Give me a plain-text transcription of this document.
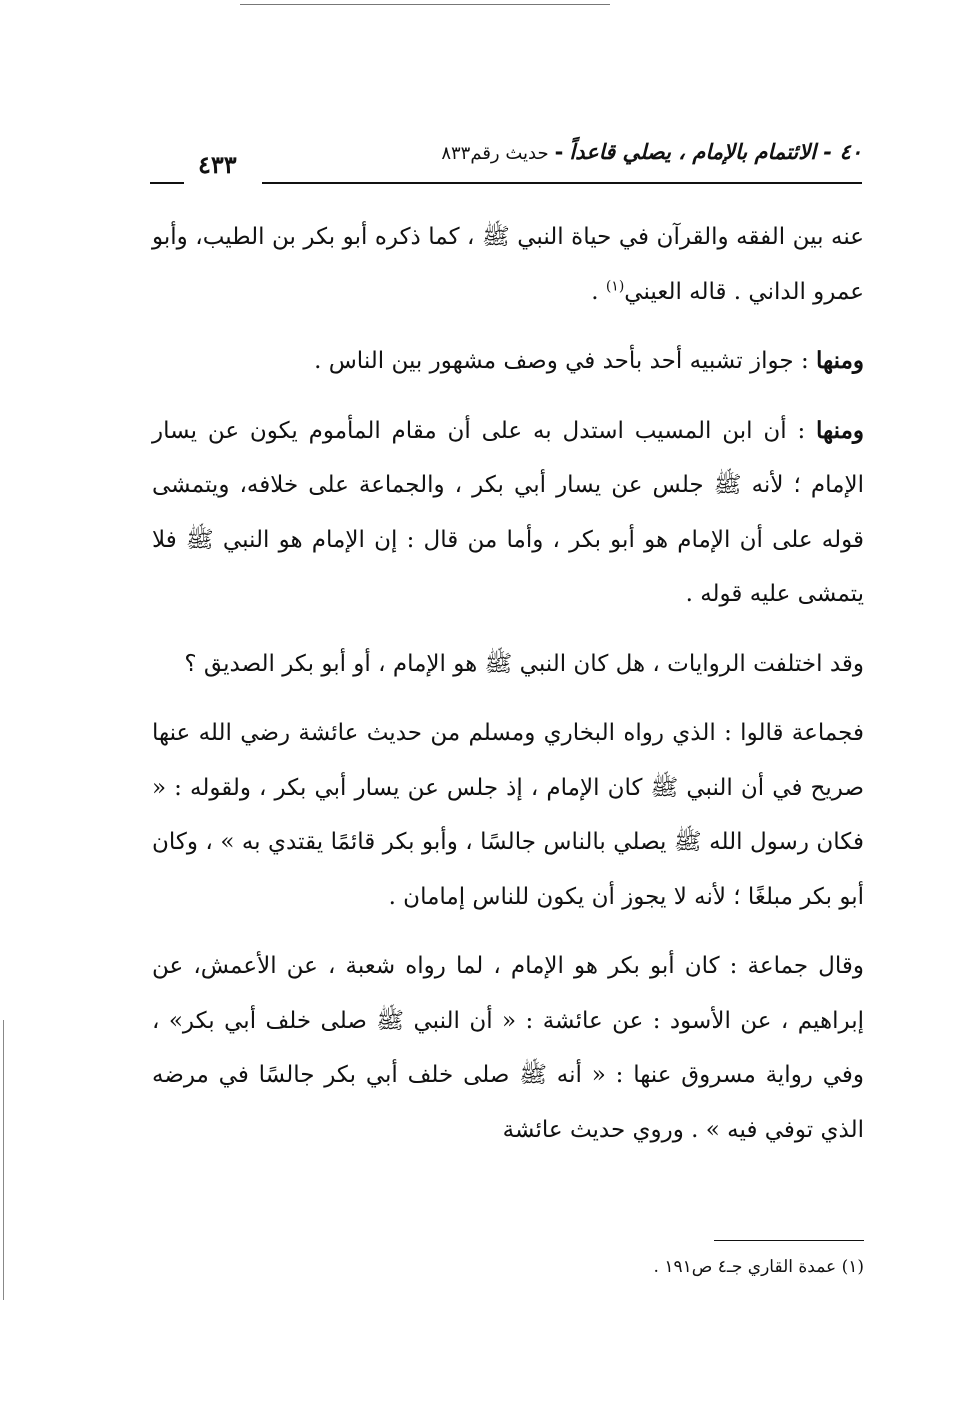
٤٠ - الائتمام بالإمام ، يصلي قاعداً-حديث رقم٨٣٣
٤٣٣

عنه بين الفقه والقرآن في حياة النبي ﷺ ، كما ذكره أبو بكر بن الطيب، وأبو عمرو الداني . قاله العيني$^{(١)}$ .

ومنها : جواز تشبيه أحد بأحد في وصف مشهور بين الناس .

ومنها : أن ابن المسيب استدل به على أن مقام المأموم يكون عن يسار الإمام ؛ لأنه ﷺ جلس عن يسار أبي بكر ، والجماعة على خلافه، ويتمشى قوله على أن الإمام هو أبو بكر ، وأما من قال : إن الإمام هو النبي ﷺ فلا يتمشى عليه قوله .

وقد اختلفت الروايات ، هل كان النبي ﷺ هو الإمام ، أو أبو بكر الصديق ؟

فجماعة قالوا : الذي رواه البخاري ومسلم من حديث عائشة رضي الله عنها صريح في أن النبي ﷺ كان الإمام ، إذ جلس عن يسار أبي بكر ، ولقوله : « فكان رسول الله ﷺ يصلي بالناس جالسًا ، وأبو بكر قائمًا يقتدي به » ، وكان أبو بكر مبلغًا ؛ لأنه لا يجوز أن يكون للناس إمامان .

وقال جماعة : كان أبو بكر هو الإمام ، لما رواه شعبة ، عن الأعمش، عن إبراهيم ، عن الأسود : عن عائشة : « أن النبي ﷺ صلى خلف أبي بكر» ، وفي رواية مسروق عنها : « أنه ﷺ صلى خلف أبي بكر جالسًا في مرضه الذي توفي فيه » . وروي حديث عائشة

(١) عمدة القاري جـ٤ ص١٩١ .
